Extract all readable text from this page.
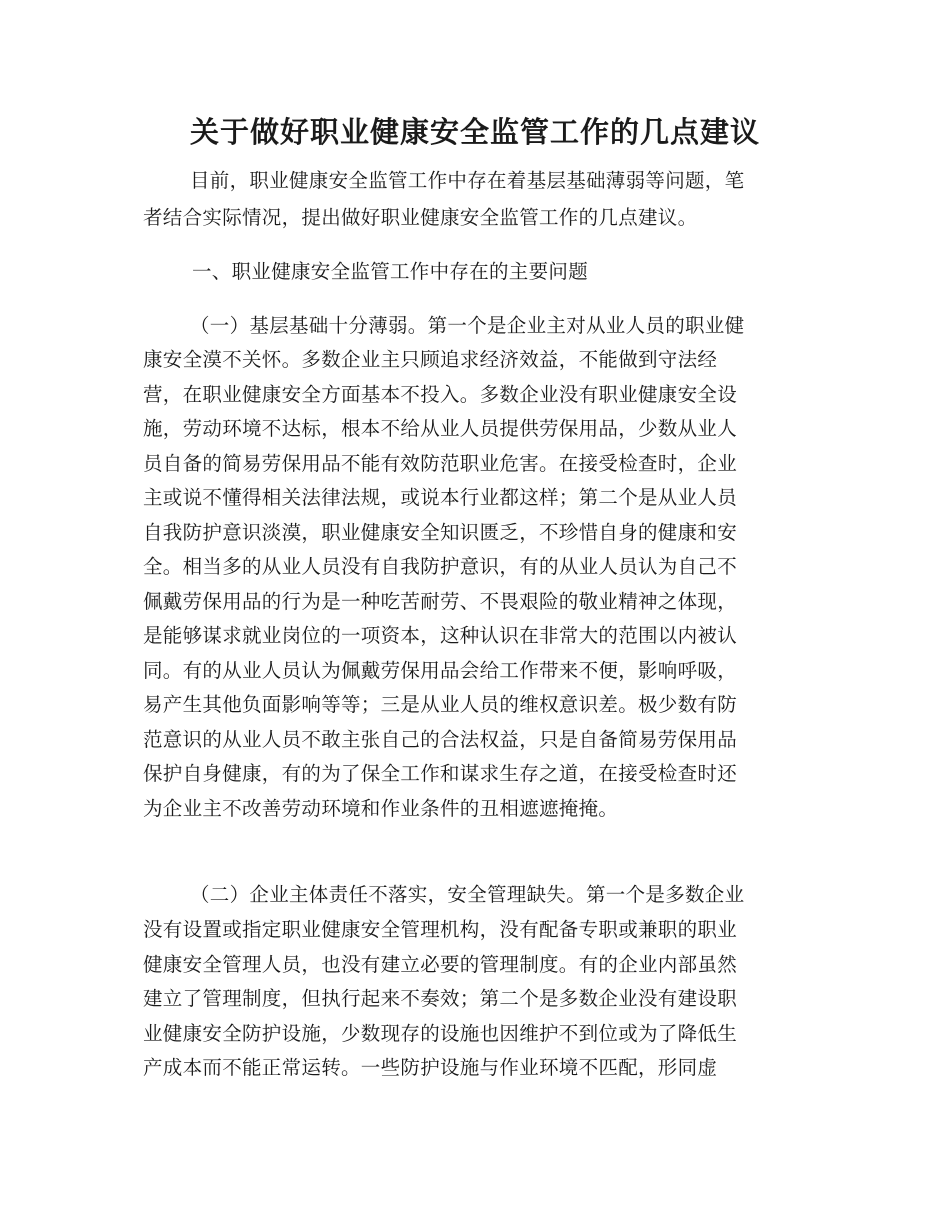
关于做好职业健康安全监管工作的几点建议
目前，职业健康安全监管工作中存在着基层基础薄弱等问题，笔
者结合实际情况，提出做好职业健康安全监管工作的几点建议。
一、职业健康安全监管工作中存在的主要问题
（一）基层基础十分薄弱。第一个是企业主对从业人员的职业健
康安全漠不关怀。多数企业主只顾追求经济效益，不能做到守法经
营，在职业健康安全方面基本不投入。多数企业没有职业健康安全设
施，劳动环境不达标，根本不给从业人员提供劳保用品，少数从业人
员自备的简易劳保用品不能有效防范职业危害。在接受检查时，企业
主或说不懂得相关法律法规，或说本行业都这样；第二个是从业人员
自我防护意识淡漠，职业健康安全知识匮乏，不珍惜自身的健康和安
全。相当多的从业人员没有自我防护意识，有的从业人员认为自己不
佩戴劳保用品的行为是一种吃苦耐劳、不畏艰险的敬业精神之体现，
是能够谋求就业岗位的一项资本，这种认识在非常大的范围以内被认
同。有的从业人员认为佩戴劳保用品会给工作带来不便，影响呼吸，
易产生其他负面影响等等；三是从业人员的维权意识差。极少数有防
范意识的从业人员不敢主张自己的合法权益，只是自备简易劳保用品
保护自身健康，有的为了保全工作和谋求生存之道，在接受检查时还
为企业主不改善劳动环境和作业条件的丑相遮遮掩掩。
（二）企业主体责任不落实，安全管理缺失。第一个是多数企业
没有设置或指定职业健康安全管理机构，没有配备专职或兼职的职业
健康安全管理人员，也没有建立必要的管理制度。有的企业内部虽然
建立了管理制度，但执行起来不奏效；第二个是多数企业没有建设职
业健康安全防护设施，少数现存的设施也因维护不到位或为了降低生
产成本而不能正常运转。一些防护设施与作业环境不匹配，形同虚
